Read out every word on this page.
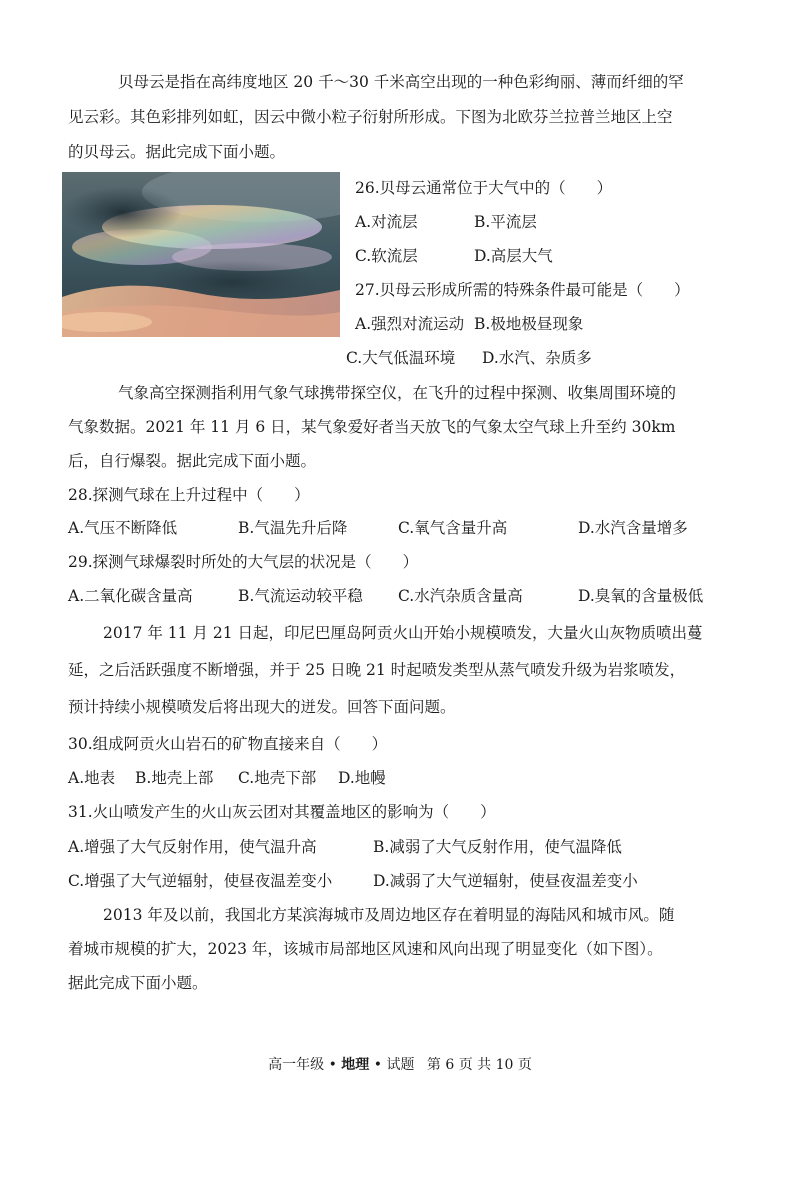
贝母云是指在高纬度地区 20 千～30 千米高空出现的一种色彩绚丽、薄而纤细的罕
见云彩。其色彩排列如虹，因云中微小粒子衍射所形成。下图为北欧芬兰拉普兰地区上空
的贝母云。据此完成下面小题。
26.贝母云通常位于大气中的（　　）
A.对流层	B.平流层
C.软流层	D.高层大气
27.贝母云形成所需的特殊条件最可能是（　　）
A.强烈对流运动 B.极地极昼现象
C.大气低温环境 D.水汽、杂质多
气象高空探测指利用气象气球携带探空仪，在飞升的过程中探测、收集周围环境的
气象数据。2021 年 11 月 6 日，某气象爱好者当天放飞的气象太空气球上升至约 30km
后，自行爆裂。据此完成下面小题。
28.探测气球在上升过程中（　　）
A.气压不断降低	B.气温先升后降	C.氧气含量升高	D.水汽含量增多
29.探测气球爆裂时所处的大气层的状况是（　　）
A.二氧化碳含量高	B.气流运动较平稳 C.水汽杂质含量高	D.臭氧的含量极低
2017 年 11 月 21 日起，印尼巴厘岛阿贡火山开始小规模喷发，大量火山灰物质喷出蔓
延，之后活跃强度不断增强，并于 25 日晚 21 时起喷发类型从蒸气喷发升级为岩浆喷发，
预计持续小规模喷发后将出现大的迸发。回答下面问题。
30.组成阿贡火山岩石的矿物直接来自（　　）
A.地表 B.地壳上部 C.地壳下部 D.地幔
31.火山喷发产生的火山灰云团对其覆盖地区的影响为（　　）
A.增强了大气反射作用，使气温升高	B.减弱了大气反射作用，使气温降低
C.增强了大气逆辐射，使昼夜温差变小	D.减弱了大气逆辐射，使昼夜温差变小
2013 年及以前，我国北方某滨海城市及周边地区存在着明显的海陆风和城市风。随
着城市规模的扩大，2023 年，该城市局部地区风速和风向出现了明显变化（如下图）。
据此完成下面小题。
高一年级 • 地理 • 试题 第 6 页 共 10 页
